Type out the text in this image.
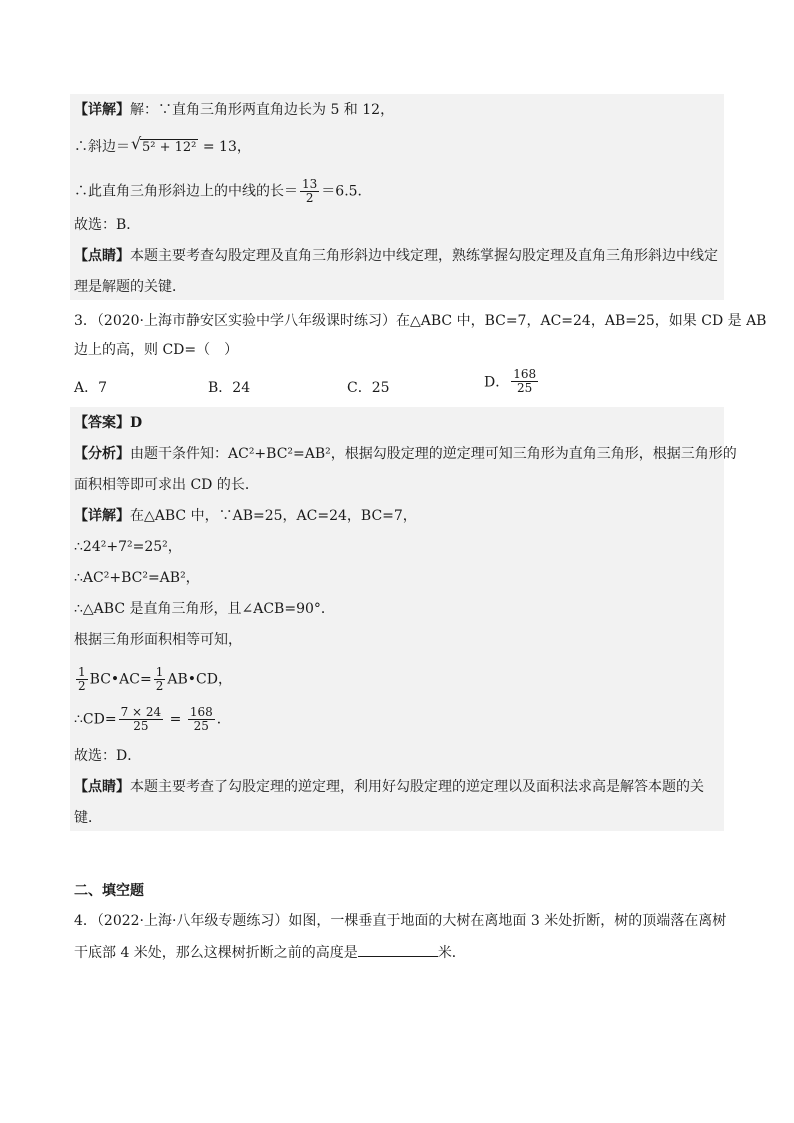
【详解】解：∵直角三角形两直角边长为 5 和 12，
∴斜边＝ √ 5² + 12² = 13，
∴此直角三角形斜边上的中线的长＝ $\frac{13}{2} =6.5$．
故选：B．
【点睛】本题主要考查勾股定理及直角三角形斜边中线定理，熟练掌握勾股定理及直角三角形斜边中线定
理是解题的关键．
3．（2020·上海市静安区实验中学八年级课时练习）在△ABC 中，BC=7，AC=24，AB=25，如果 CD 是 AB
边上的高，则 CD=（　）
A．7	B．24	C．25	D． $\frac{168}{25}$
【答案】D
【分析】由题干条件知：AC²+BC²=AB²，根据勾股定理的逆定理可知三角形为直角三角形，根据三角形的
面积相等即可求出 CD 的长．
【详解】在△ABC 中，∵AB=25，AC=24，BC=7，
∴24²+7²=25²，
∴AC²+BC²=AB²，
∴△ABC 是直角三角形，且∠ACB=90°．
根据三角形面积相等可知，
$\frac{1}{2}$ BC•AC= $\frac{1}{2}$ AB•CD，
∴CD= $\frac{7 \times 24}{25} = \frac{168}{25}$ ．
故选：D．
【点睛】本题主要考查了勾股定理的逆定理，利用好勾股定理的逆定理以及面积法求高是解答本题的关
键．
二、填空题
4．（2022·上海·八年级专题练习）如图，一棵垂直于地面的大树在离地面 3 米处折断，树的顶端落在离树
干底部 4 米处，那么这棵树折断之前的高度是	米．
